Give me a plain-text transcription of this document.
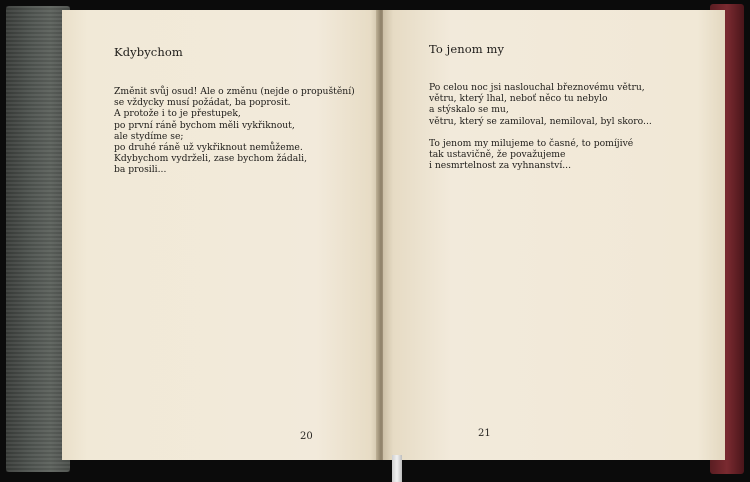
Kdybychom
Změnit svůj osud! Ale o změnu (nejde o propuštění)
se vždycky musí požádat, ba poprosit.
A protože i to je přestupek,
po první ráně bychom měli vykřiknout,
ale stydíme se;
po druhé ráně už vykřiknout nemůžeme.
Kdybychom vydrželi, zase bychom žádali,
ba prosili...
20
To jenom my
Po celou noc jsi naslouchal březnovému větru,
větru, který lhal, neboť něco tu nebylo
a stýskalo se mu,
větru, který se zamiloval, nemiloval, byl skoro...
To jenom my milujeme to časné, to pomíjivé
tak ustavičně, že považujeme
i nesmrtelnost za vyhnanství...
21
